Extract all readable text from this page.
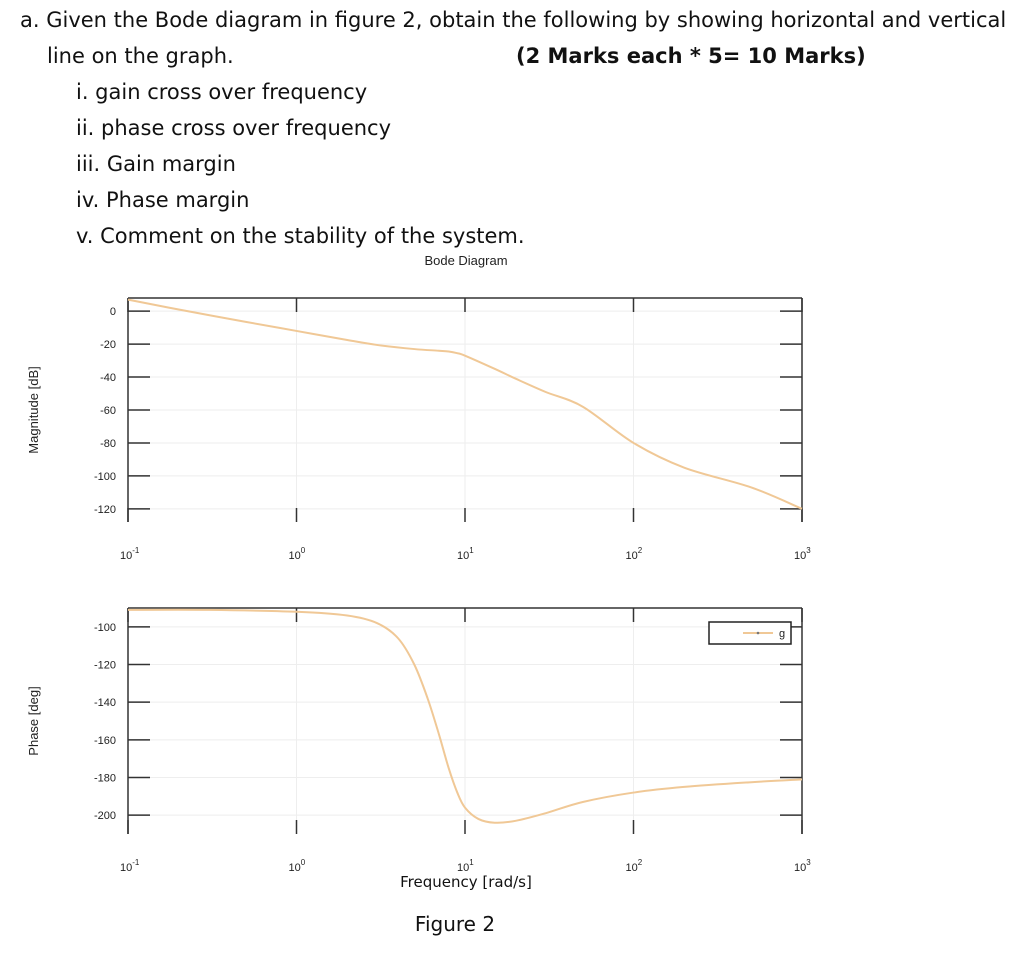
a. Given the Bode diagram in figure 2, obtain the following by showing horizontal and vertical
line on the graph.	(2 Marks each * 5= 10 Marks)
i. gain cross over frequency
ii. phase cross over frequency
iii. Gain margin
iv. Phase margin
v. Comment on the stability of the system.
Bode Diagram
$10^{-1}$	$10^0$	$10^1$	$10^2$	$10^3$
0
-20
-40
-60
-80
-100
-120
Magnitude [dB]
$10^{-1}$	$10^0$	$10^1$	$10^2$	$10^3$
-100
-120
-140
-160
-180
-200
Phase [deg]
g
Frequency [rad/s]
Figure 2
